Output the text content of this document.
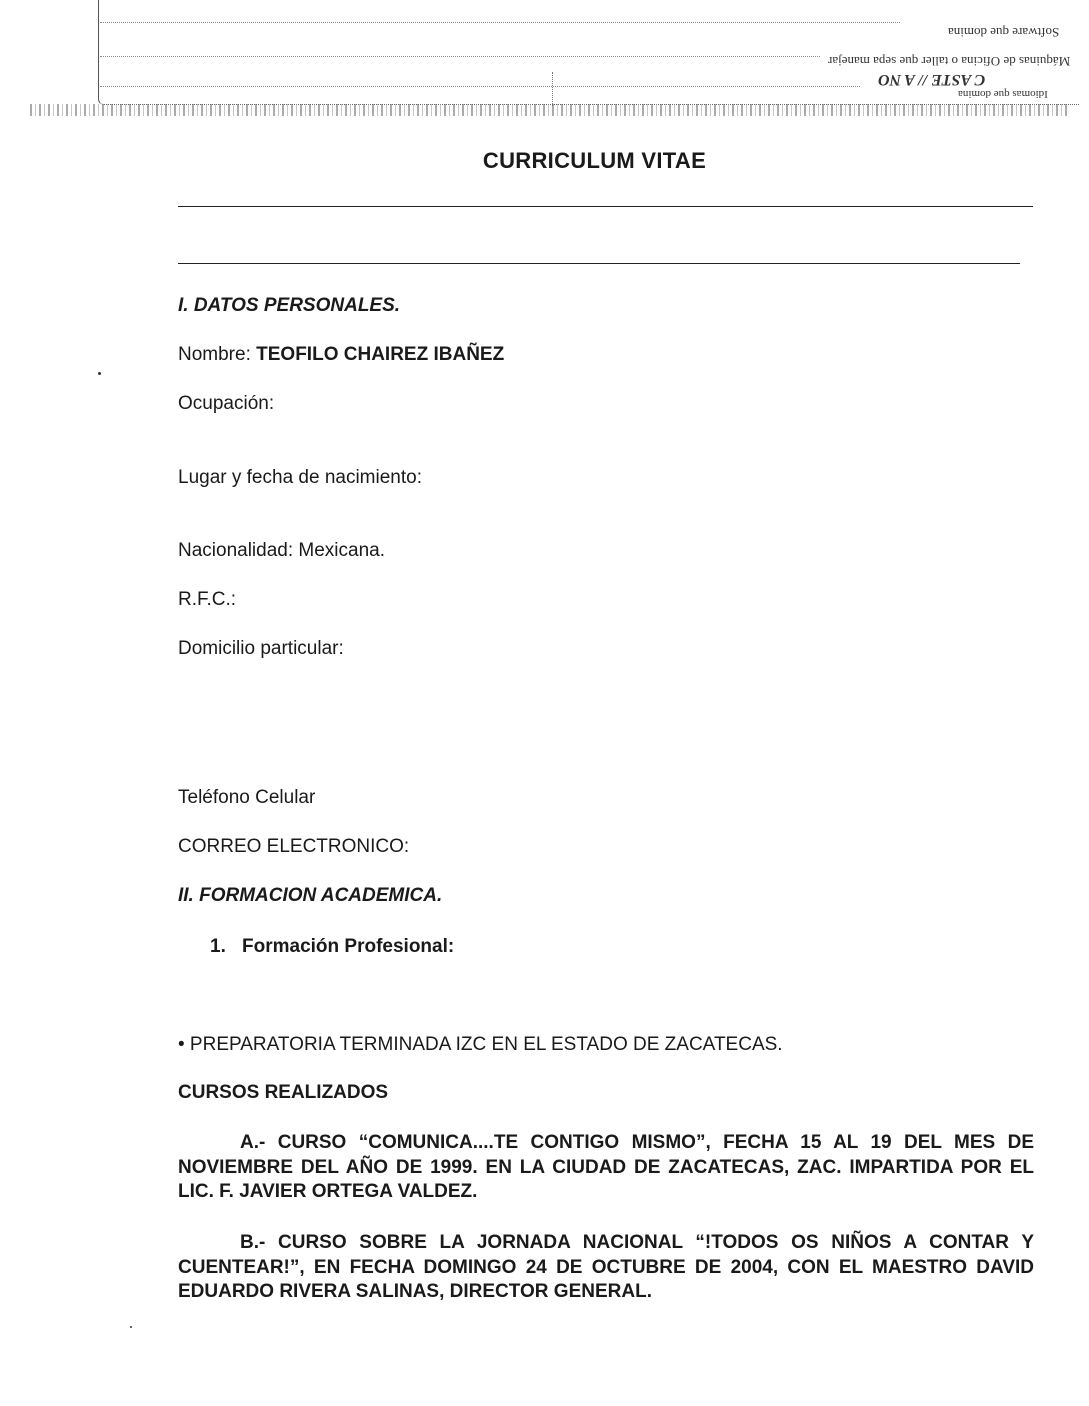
Software que domina
Máquinas de Oficina o taller que sepa manejar
C ASTE // A NO
Idiomas que domina
CURRICULUM VITAE
I. DATOS PERSONALES.
Nombre: TEOFILO CHAIREZ IBAÑEZ
Ocupación:
Lugar y fecha de nacimiento:
Nacionalidad: Mexicana.
R.F.C.:
Domicilio particular:
Teléfono Celular
CORREO ELECTRONICO:
II. FORMACION ACADEMICA.
1. Formación Profesional:
• PREPARATORIA TERMINADA IZC EN EL ESTADO DE ZACATECAS.
CURSOS REALIZADOS
A.- CURSO “COMUNICA....TE CONTIGO MISMO”, FECHA 15 AL 19 DEL MES DE NOVIEMBRE DEL AÑO DE 1999. EN LA CIUDAD DE ZACATECAS, ZAC. IMPARTIDA POR EL LIC. F. JAVIER ORTEGA VALDEZ.
B.- CURSO SOBRE LA JORNADA NACIONAL “!TODOS OS NIÑOS A CONTAR Y CUENTEAR!”, EN FECHA DOMINGO 24 DE OCTUBRE DE 2004, CON EL MAESTRO DAVID EDUARDO RIVERA SALINAS, DIRECTOR GENERAL.
